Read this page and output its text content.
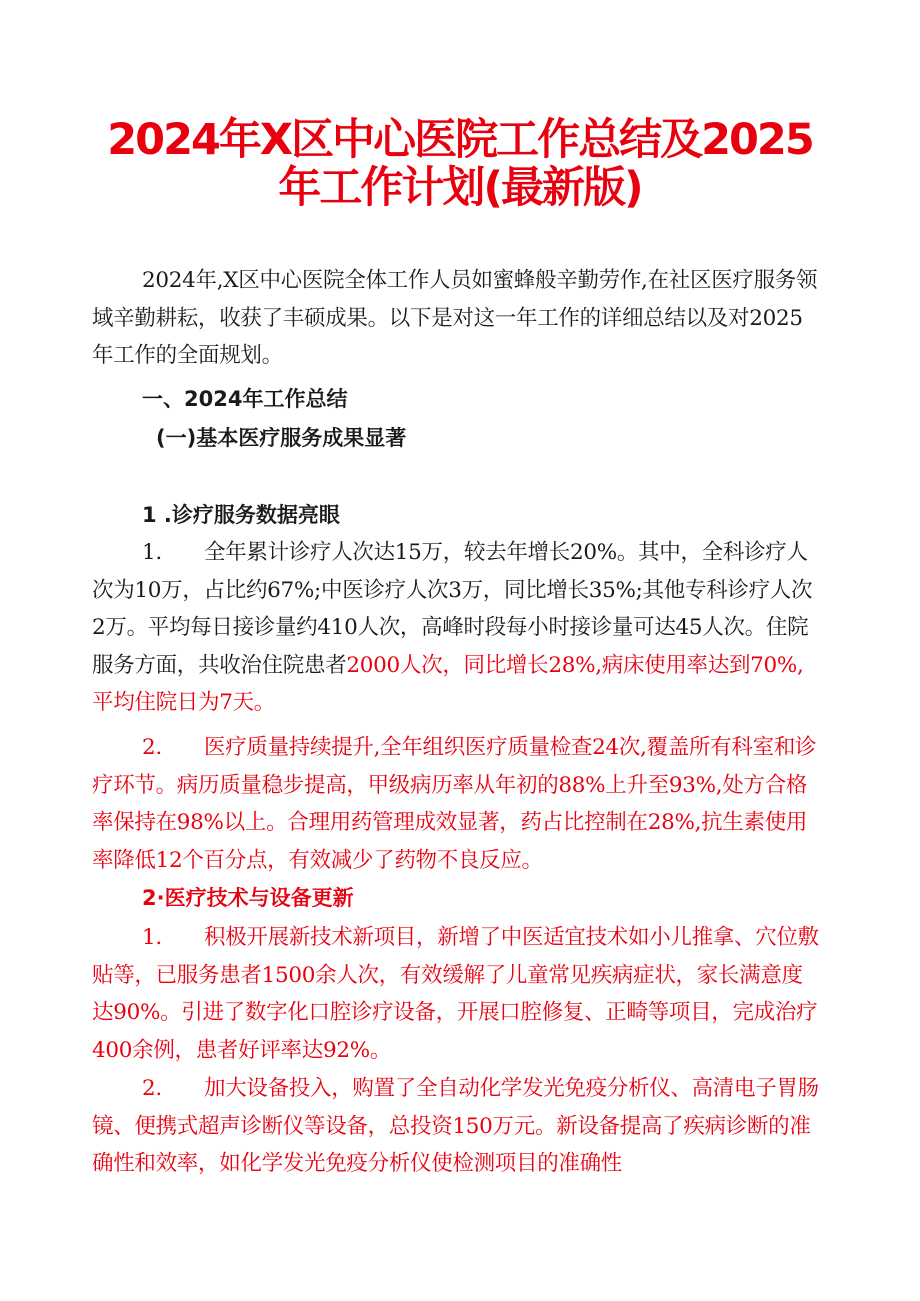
2024年X区中心医院工作总结及2025
年工作计划(最新版)

2024年,X区中心医院全体工作人员如蜜蜂般辛勤劳作,在社区医疗服务领域辛勤耕耘，收获了丰硕成果。以下是对这一年工作的详细总结以及对2025年工作的全面规划。

一、2024年工作总结
(一)基本医疗服务成果显著
1 .诊疗服务数据亮眼

1. 全年累计诊疗人次达15万，较去年增长20%。其中，全科诊疗人次为10万，占比约67%;中医诊疗人次3万，同比增长35%;其他专科诊疗人次2万。平均每日接诊量约410人次，高峰时段每小时接诊量可达45人次。住院服务方面，共收治住院患者2000人次，同比增长28%,病床使用率达到70%,平均住院日为7天。

2. 医疗质量持续提升,全年组织医疗质量检查24次,覆盖所有科室和诊疗环节。病历质量稳步提高，甲级病历率从年初的88%上升至93%,处方合格率保持在98%以上。合理用药管理成效显著，药占比控制在28%,抗生素使用率降低12个百分点，有效减少了药物不良反应。

2·医疗技术与设备更新

1. 积极开展新技术新项目，新增了中医适宜技术如小儿推拿、穴位敷贴等，已服务患者1500余人次，有效缓解了儿童常见疾病症状，家长满意度达90%。引进了数字化口腔诊疗设备，开展口腔修复、正畸等项目，完成治疗400余例，患者好评率达92%。

2. 加大设备投入，购置了全自动化学发光免疫分析仪、高清电子胃肠镜、便携式超声诊断仪等设备，总投资150万元。新设备提高了疾病诊断的准确性和效率，如化学发光免疫分析仪使检测项目的准确性
